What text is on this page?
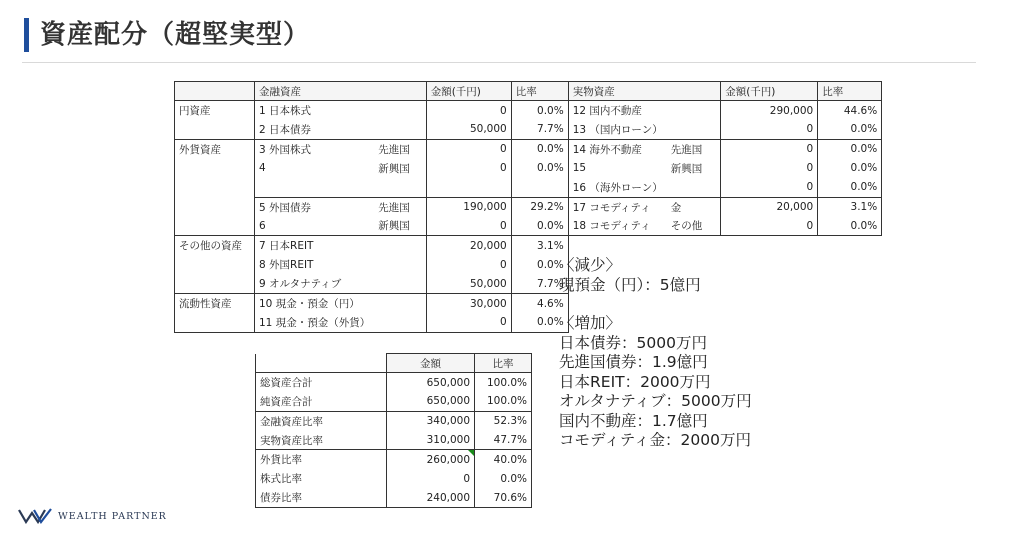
資産配分（超堅実型）
	金融資産		金額(千円)	比率	実物資産		金額(千円)	比率
円資産	1 日本株式		0	0.0%	12 国内不動産		290,000	44.6%
	2 日本債券		50,000	7.7%	13 （国内ローン）		0	0.0%
外貨資産	3 外国株式	先進国	0	0.0%	14 海外不動産	先進国	0	0.0%
	4	新興国	0	0.0%	15	新興国	0	0.0%
					16 （海外ローン）		0	0.0%
	5 外国債券	先進国	190,000	29.2%	17 コモディティ	金	20,000	3.1%
	6	新興国	0	0.0%	18 コモディティ	その他	0	0.0%
その他の資産	7 日本REIT		20,000	3.1%				
	8 外国REIT		0	0.0%				
	9 オルタナティブ		50,000	7.7%				
流動性資産	10 現金・預金（円）		30,000	4.6%				
	11 現金・預金（外貨）		0	0.0%				
	金額	比率
総資産合計	650,000	100.0%
純資産合計	650,000	100.0%
金融資産比率	340,000	52.3%
実物資産比率	310,000	47.7%
外貨比率	260,000	40.0%
株式比率	0	0.0%
債券比率	240,000	70.6%
〈減少〉
現預金（円）：5億円
〈増加〉
日本債券：5000万円
先進国債券：1.9億円
日本REIT：2000万円
オルタナティブ：5000万円
国内不動産：1.7億円
コモディティ金：2000万円
WEALTH PARTNER
